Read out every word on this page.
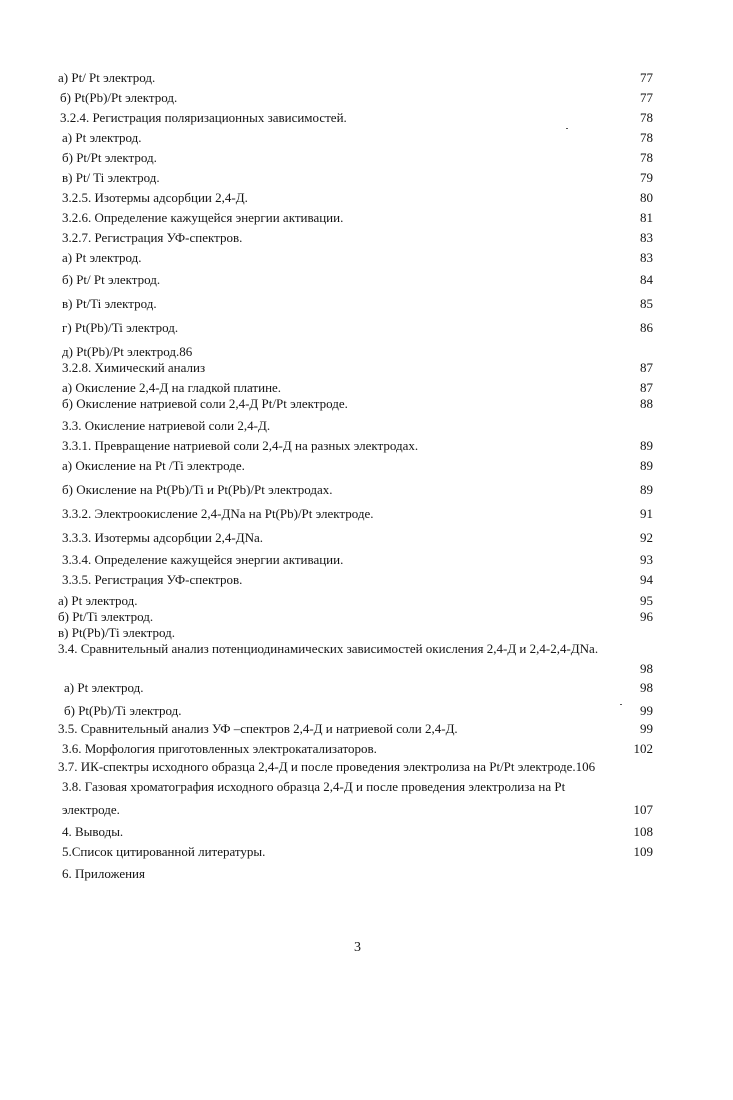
а) Pt/ Pt электрод.	77
б) Pt(Pb)/Pt электрод.	77
3.2.4. Регистрация поляризационных зависимостей.	78
а) Pt электрод.	78
б) Pt/Pt электрод.	78
в) Pt/ Ti электрод.	79
3.2.5. Изотермы адсорбции 2,4-Д.	80
3.2.6. Определение кажущейся энергии активации.	81
3.2.7. Регистрация УФ-спектров.	83
а) Pt электрод.	83
б) Pt/ Pt электрод.	84
в) Pt/Ti электрод.	85
г) Pt(Pb)/Ti электрод.	86
д) Pt(Pb)/Pt электрод.86
3.2.8. Химический анализ	87
а) Окисление 2,4-Д на гладкой платине.	87
б) Окисление натриевой соли 2,4-Д Pt/Pt электроде.	88
3.3. Окисление натриевой соли 2,4-Д.
3.3.1. Превращение натриевой соли 2,4-Д на разных электродах.	89
а) Окисление на Pt /Ti электроде.	89
б) Окисление на Pt(Pb)/Ti и Pt(Pb)/Pt электродах.	89
3.3.2. Электроокисление 2,4-ДNa на Pt(Pb)/Pt электроде.	91
3.3.3. Изотермы адсорбции 2,4-ДNa.	92
3.3.4. Определение кажущейся энергии активации.	93
3.3.5. Регистрация УФ-спектров.	94
а) Pt электрод.	95
б) Pt/Ti электрод.	96
в) Pt(Pb)/Ti электрод.
3.4. Сравнительный анализ потенциодинамических зависимостей окисления 2,4-Д и 2,4-2,4-ДNa.
98
а) Pt электрод.	98
б) Pt(Pb)/Ti электрод.	99
3.5. Сравнительный анализ УФ –спектров 2,4-Д и натриевой соли 2,4-Д.	99
3.6. Морфология приготовленных электрокатализаторов.	102
3.7. ИК-спектры исходного образца 2,4-Д и после проведения электролиза на Pt/Pt электроде.106
3.8. Газовая хроматография исходного образца 2,4-Д и после проведения электролиза на Pt
электроде.	107
4. Выводы.	108
5.Список цитированной литературы.	109
6. Приложения
3
